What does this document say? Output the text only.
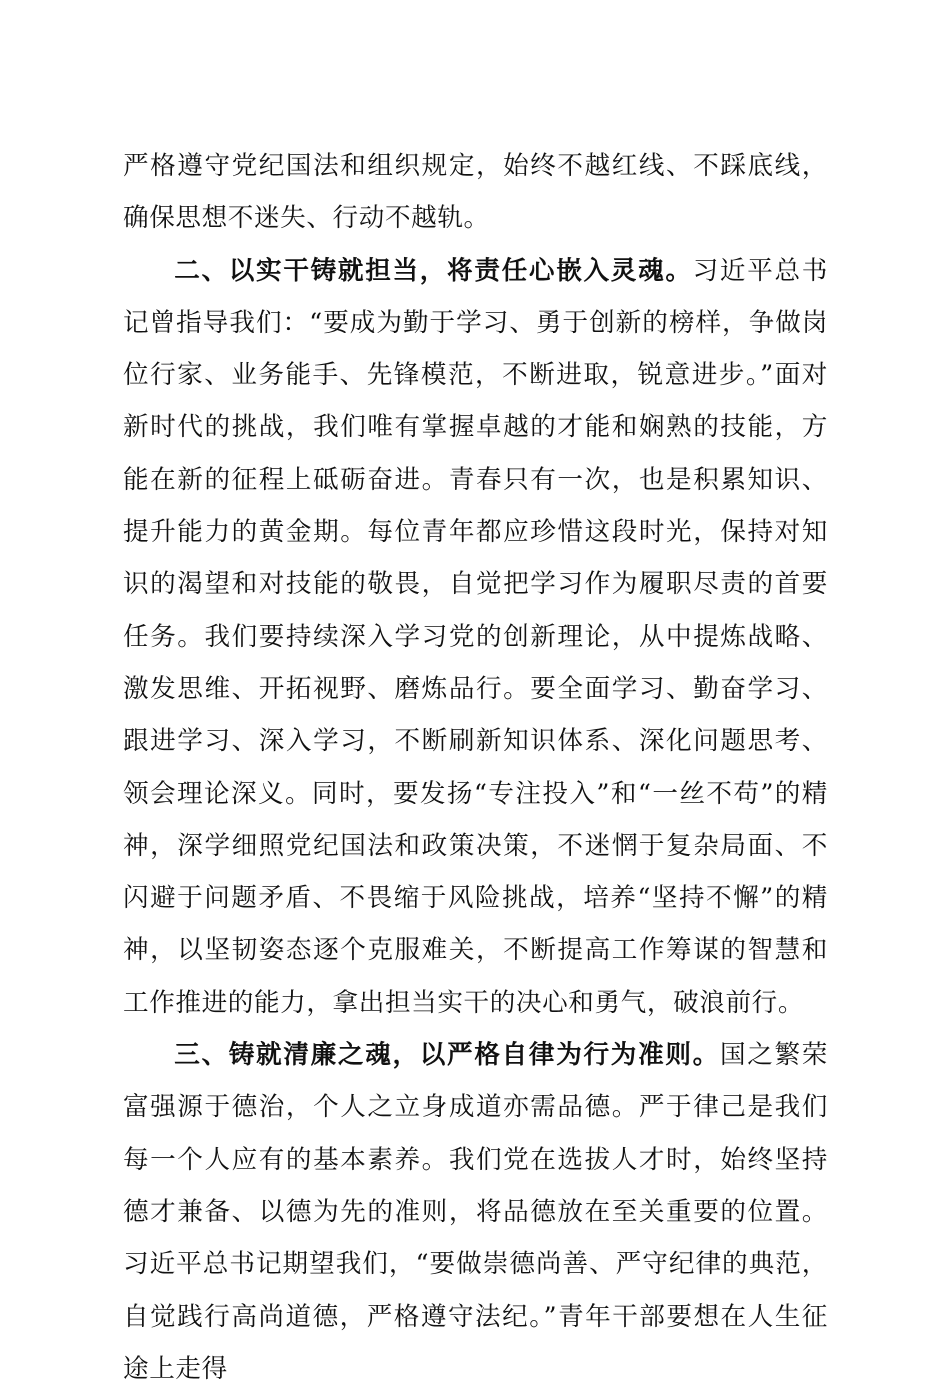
严格遵守党纪国法和组织规定，始终不越红线、不踩底线，确保思想不迷失、行动不越轨。

二、以实干铸就担当，将责任心嵌入灵魂。习近平总书记曾指导我们：“要成为勤于学习、勇于创新的榜样，争做岗位行家、业务能手、先锋模范，不断进取，锐意进步。”面对新时代的挑战，我们唯有掌握卓越的才能和娴熟的技能，方能在新的征程上砥砺奋进。青春只有一次，也是积累知识、提升能力的黄金期。每位青年都应珍惜这段时光，保持对知识的渴望和对技能的敬畏，自觉把学习作为履职尽责的首要任务。我们要持续深入学习党的创新理论，从中提炼战略、激发思维、开拓视野、磨炼品行。要全面学习、勤奋学习、跟进学习、深入学习，不断刷新知识体系、深化问题思考、领会理论深义。同时，要发扬“专注投入”和“一丝不苟”的精神，深学细照党纪国法和政策决策，不迷惘于复杂局面、不闪避于问题矛盾、不畏缩于风险挑战，培养“坚持不懈”的精神，以坚韧姿态逐个克服难关，不断提高工作筹谋的智慧和工作推进的能力，拿出担当实干的决心和勇气，破浪前行。

三、铸就清廉之魂，以严格自律为行为准则。国之繁荣富强源于德治，个人之立身成道亦需品德。严于律己是我们每一个人应有的基本素养。我们党在选拔人才时，始终坚持德才兼备、以德为先的准则，将品德放在至关重要的位置。习近平总书记期望我们，“要做崇德尚善、严守纪律的典范，自觉践行高尚道德，严格遵守法纪。”青年干部要想在人生征途上走得
